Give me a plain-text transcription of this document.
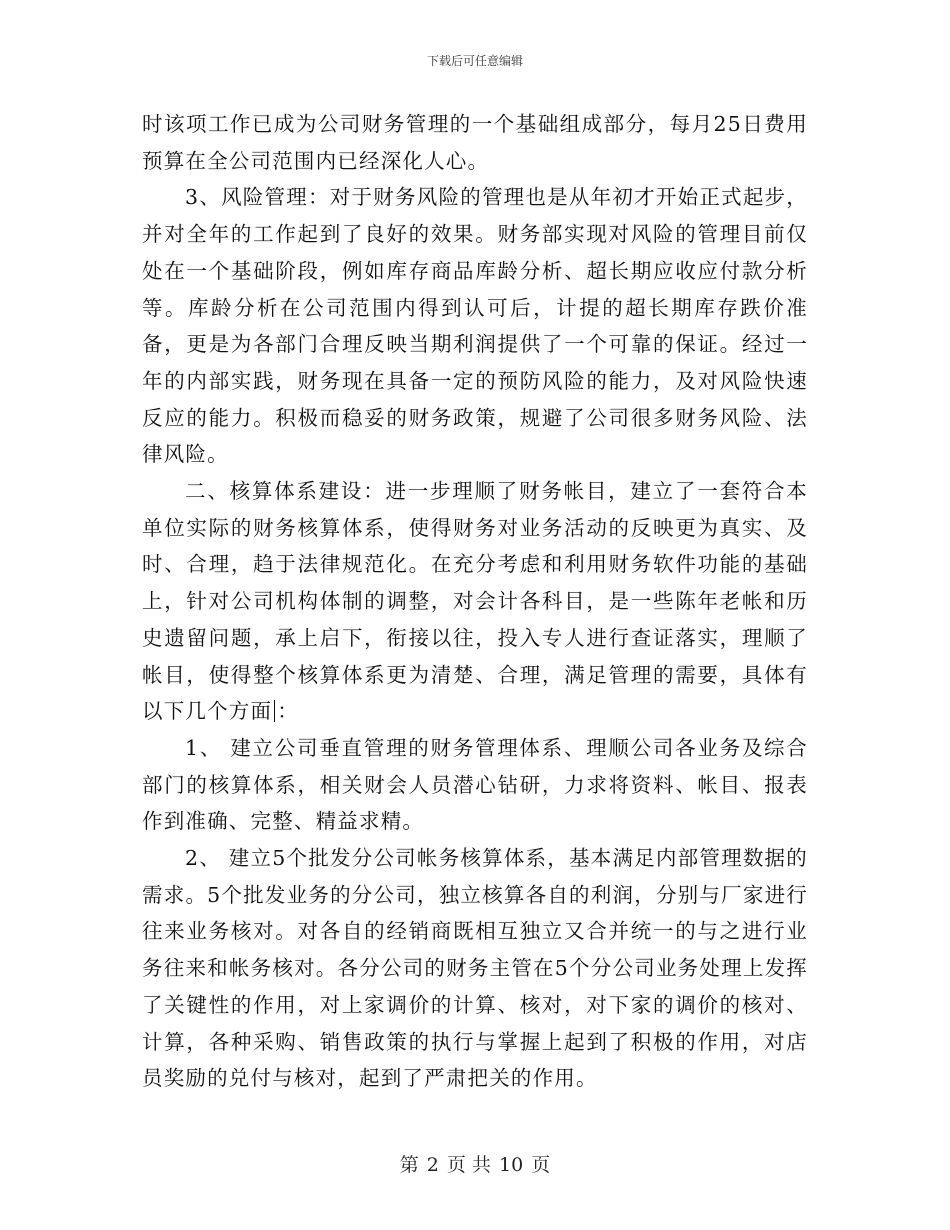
下载后可任意编辑

时该项工作已成为公司财务管理的一个基础组成部分，每月25日费用预算在全公司范围内已经深化人心。

3、风险管理：对于财务风险的管理也是从年初才开始正式起步，并对全年的工作起到了良好的效果。财务部实现对风险的管理目前仅处在一个基础阶段，例如库存商品库龄分析、超长期应收应付款分析等。库龄分析在公司范围内得到认可后，计提的超长期库存跌价准备，更是为各部门合理反映当期利润提供了一个可靠的保证。经过一年的内部实践，财务现在具备一定的预防风险的能力，及对风险快速反应的能力。积极而稳妥的财务政策，规避了公司很多财务风险、法律风险。

二、核算体系建设：进一步理顺了财务帐目，建立了一套符合本单位实际的财务核算体系，使得财务对业务活动的反映更为真实、及时、合理，趋于法律规范化。在充分考虑和利用财务软件功能的基础上，针对公司机构体制的调整，对会计各科目，是一些陈年老帐和历史遗留问题，承上启下，衔接以往，投入专人进行查证落实，理顺了帐目，使得整个核算体系更为清楚、合理，满足管理的需要，具体有以下几个方面 ：

1、 建立公司垂直管理的财务管理体系、理顺公司各业务及综合部门的核算体系，相关财会人员潜心钻研，力求将资料、帐目、报表作到准确、完整、精益求精。

2、 建立5个批发分公司帐务核算体系，基本满足内部管理数据的需求。5个批发业务的分公司，独立核算各自的利润，分别与厂家进行往来业务核对。对各自的经销商既相互独立又合并统一的与之进行业务往来和帐务核对。各分公司的财务主管在5个分公司业务处理上发挥了关键性的作用，对上家调价的计算、核对，对下家的调价的核对、计算，各种采购、销售政策的执行与掌握上起到了积极的作用，对店员奖励的兑付与核对，起到了严肃把关的作用。

第 2 页 共 10 页
